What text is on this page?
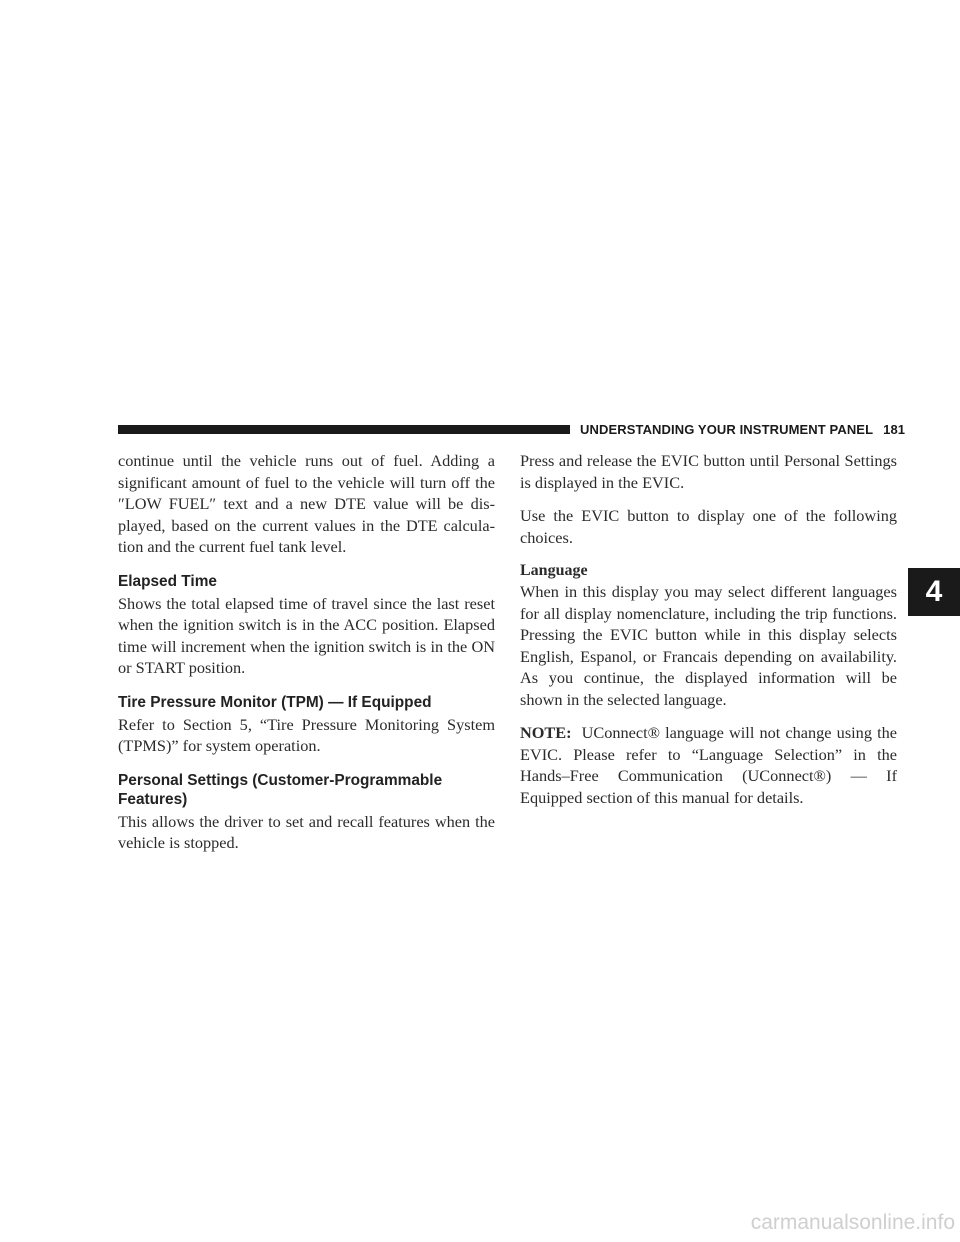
UNDERSTANDING YOUR INSTRUMENT PANEL 181
4

continue until the vehicle runs out of fuel. Adding a significant amount of fuel to the vehicle will turn off the ″LOW FUEL″ text and a new DTE value will be dis-played, based on the current values in the DTE calcula-tion and the current fuel tank level.

Elapsed Time

Shows the total elapsed time of travel since the last reset when the ignition switch is in the ACC position. Elapsed time will increment when the ignition switch is in the ON or START position.

Tire Pressure Monitor (TPM) — If Equipped

Refer to Section 5, “Tire Pressure Monitoring System (TPMS)” for system operation.

Personal Settings (Customer-Programmable Features)

This allows the driver to set and recall features when the vehicle is stopped.

Press and release the EVIC button until Personal Settings is displayed in the EVIC.

Use the EVIC button to display one of the following choices.

Language

When in this display you may select different languages for all display nomenclature, including the trip functions. Pressing the EVIC button while in this display selects English, Espanol, or Francais depending on availability. As you continue, the displayed information will be shown in the selected language.

NOTE: UConnect® language will not change using the EVIC. Please refer to “Language Selection” in the Hands–Free Communication (UConnect®) — If Equipped section of this manual for details.

carmanualsonline.info
